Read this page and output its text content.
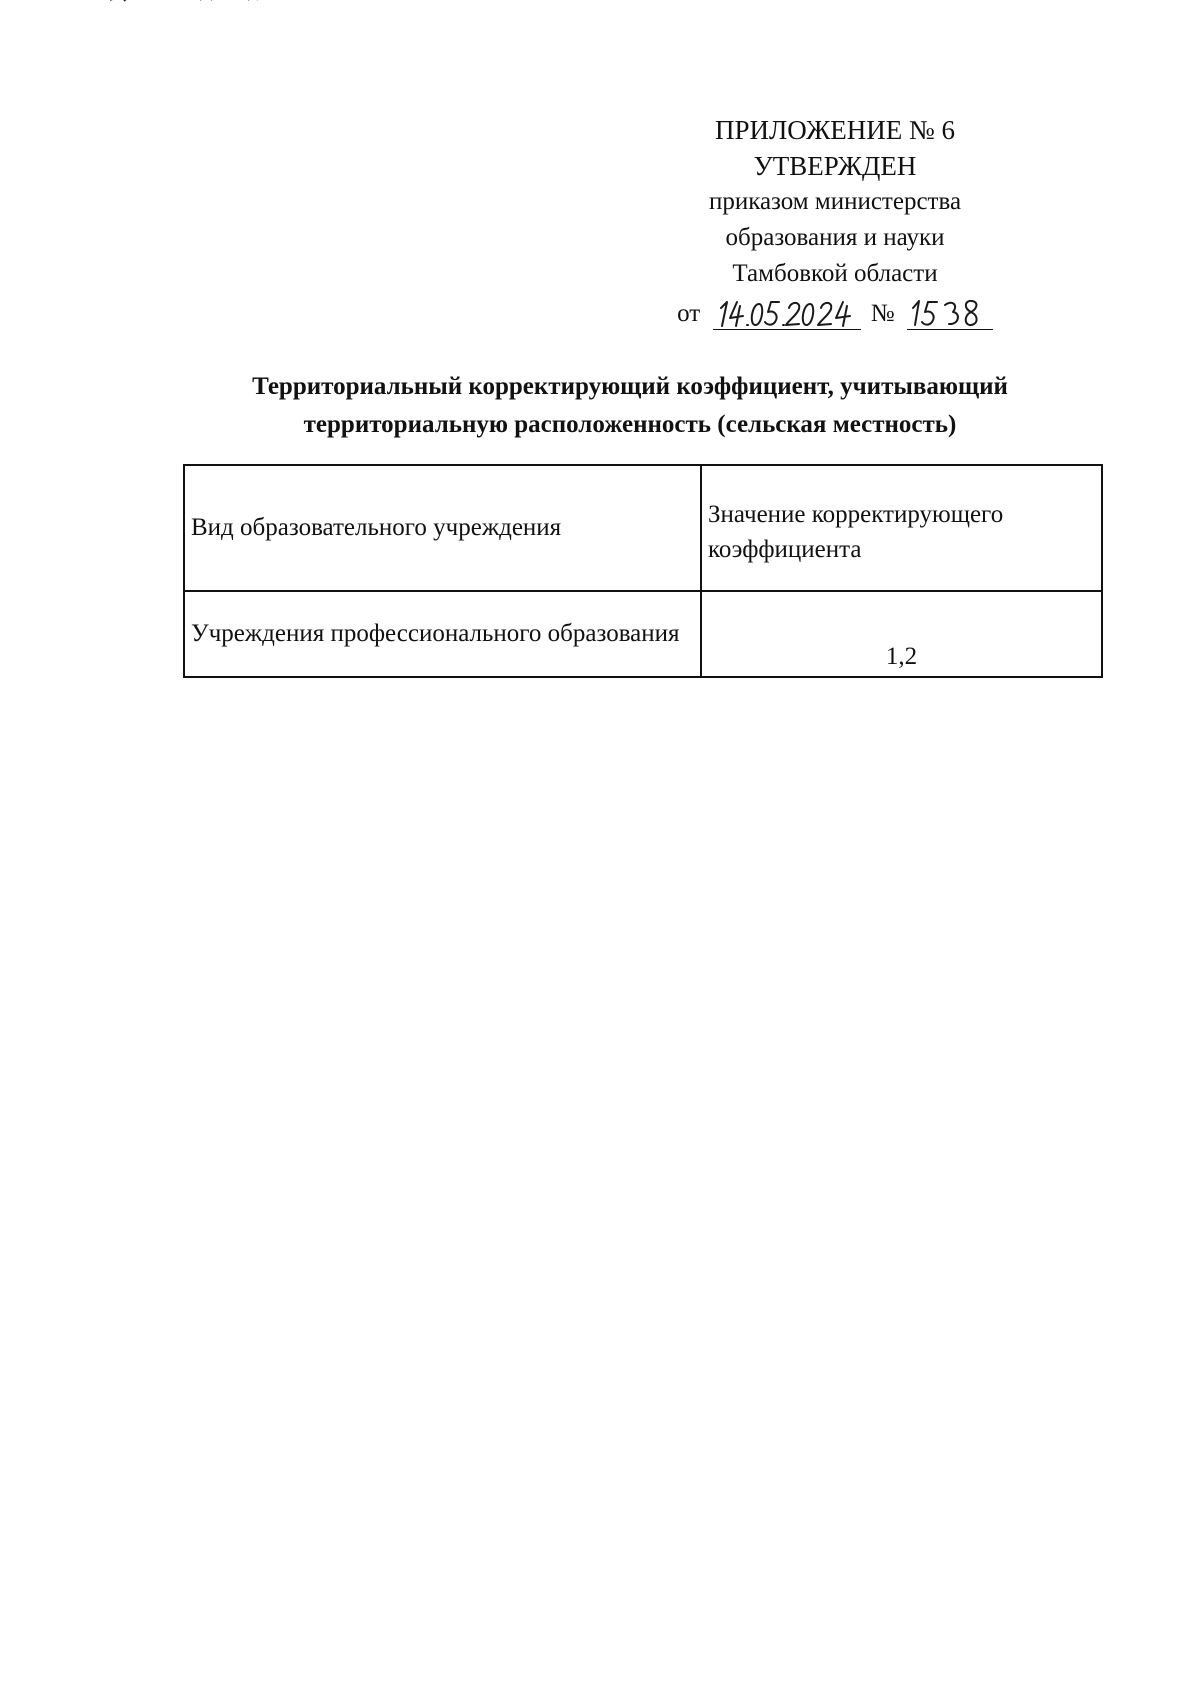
ПРИЛОЖЕНИЕ № 6
УТВЕРЖДЕН
приказом министерства
образования и науки
Тамбовкой области
от	№
Территориальный корректирующий коэффициент, учитывающий
территориальную расположенность (сельская местность)
Вид образовательного учреждения	Значение корректирующего коэффициента
Учреждения профессионального образования	1,2
